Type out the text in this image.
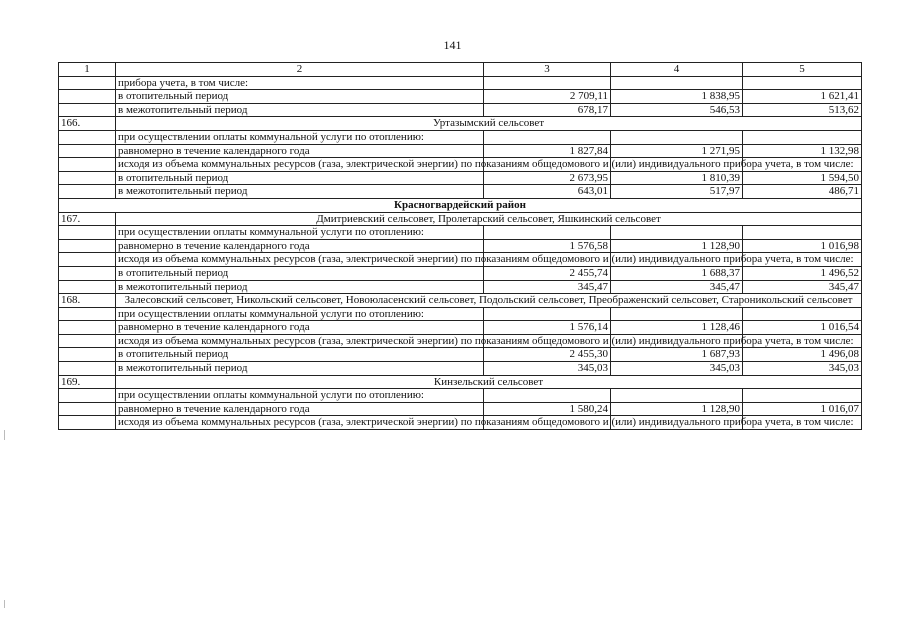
141
1	2	3	4	5
	прибора учета, в том числе:			
	в отопительный период	2 709,11	1 838,95	1 621,41
	в межотопительный период	678,17	546,53	513,62
166.	Уртазымский сельсовет			
	при осуществлении оплаты коммунальной услуги по отоплению:			
	равномерно в течение календарного года	1 827,84	1 271,95	1 132,98
	исходя из объема коммунальных ресурсов (газа, электрической энергии) по показаниям общедомового и (или) индивидуального прибора учета, в том числе:			
	в отопительный период	2 673,95	1 810,39	1 594,50
	в межотопительный период	643,01	517,97	486,71
Красногвардейский район				
167.	Дмитриевский сельсовет, Пролетарский сельсовет, Яшкинский сельсовет			
	при осуществлении оплаты коммунальной услуги по отоплению:			
	равномерно в течение календарного года	1 576,58	1 128,90	1 016,98
	исходя из объема коммунальных ресурсов (газа, электрической энергии) по показаниям общедомового и (или) индивидуального прибора учета, в том числе:			
	в отопительный период	2 455,74	1 688,37	1 496,52
	в межотопительный период	345,47	345,47	345,47
168.	Залесовский сельсовет, Никольский сельсовет, Новоюласенский сельсовет, Подольский сельсовет, Преображенский сельсовет, Староникольский сельсовет			
	при осуществлении оплаты коммунальной услуги по отоплению:			
	равномерно в течение календарного года	1 576,14	1 128,46	1 016,54
	исходя из объема коммунальных ресурсов (газа, электрической энергии) по показаниям общедомового и (или) индивидуального прибора учета, в том числе:			
	в отопительный период	2 455,30	1 687,93	1 496,08
	в межотопительный период	345,03	345,03	345,03
169.	Кинзельский сельсовет			
	при осуществлении оплаты коммунальной услуги по отоплению:			
	равномерно в течение календарного года	1 580,24	1 128,90	1 016,07
	исходя из объема коммунальных ресурсов (газа, электрической энергии) по показаниям общедомового и (или) индивидуального прибора учета, в том числе:			
